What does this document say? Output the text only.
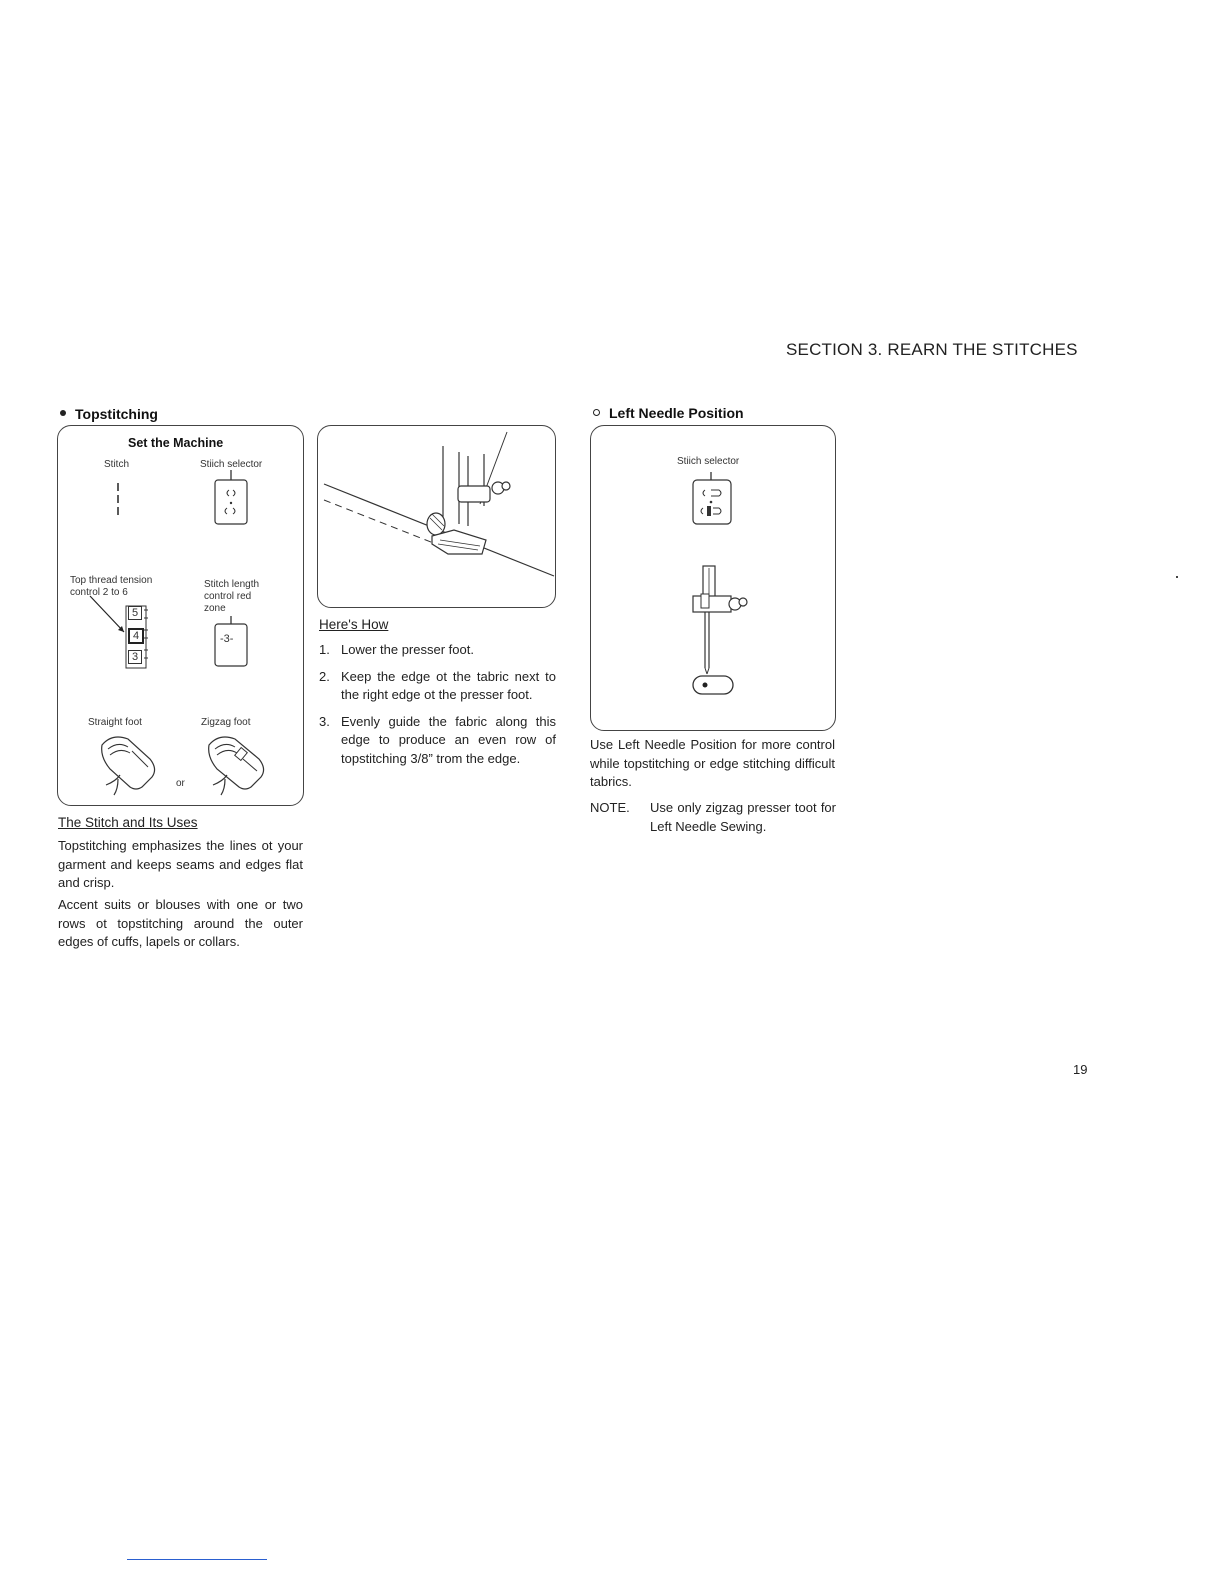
SECTION 3. REARN THE STITCHES
Topstitching
Set the Machine
Stitch	Stiich selector
Top thread tension
control 2 to 6
Stitch length
control red
zone
5
4
3
-3-
Straight foot	Zigzag foot
or
The Stitch and Its Uses
Topstitching emphasizes the lines ot your garment and keeps seams and edges flat and crisp.
Accent suits or blouses with one or two rows ot topstitching around the outer edges of cuffs, lapels or collars.
Here's How
1. Lower the presser foot.
2. Keep the edge ot the tabric next to the right edge ot the presser foot.
3. Evenly guide the fabric along this edge to produce an even row of topstitching 3/8” trom the edge.
Left Needle Position
Stiich selector
Use Left Needle Position for more control while topstitching or edge stitching difficult tabrics.
NOTE.	Use only zigzag presser toot for Left Needle Sewing.
19
